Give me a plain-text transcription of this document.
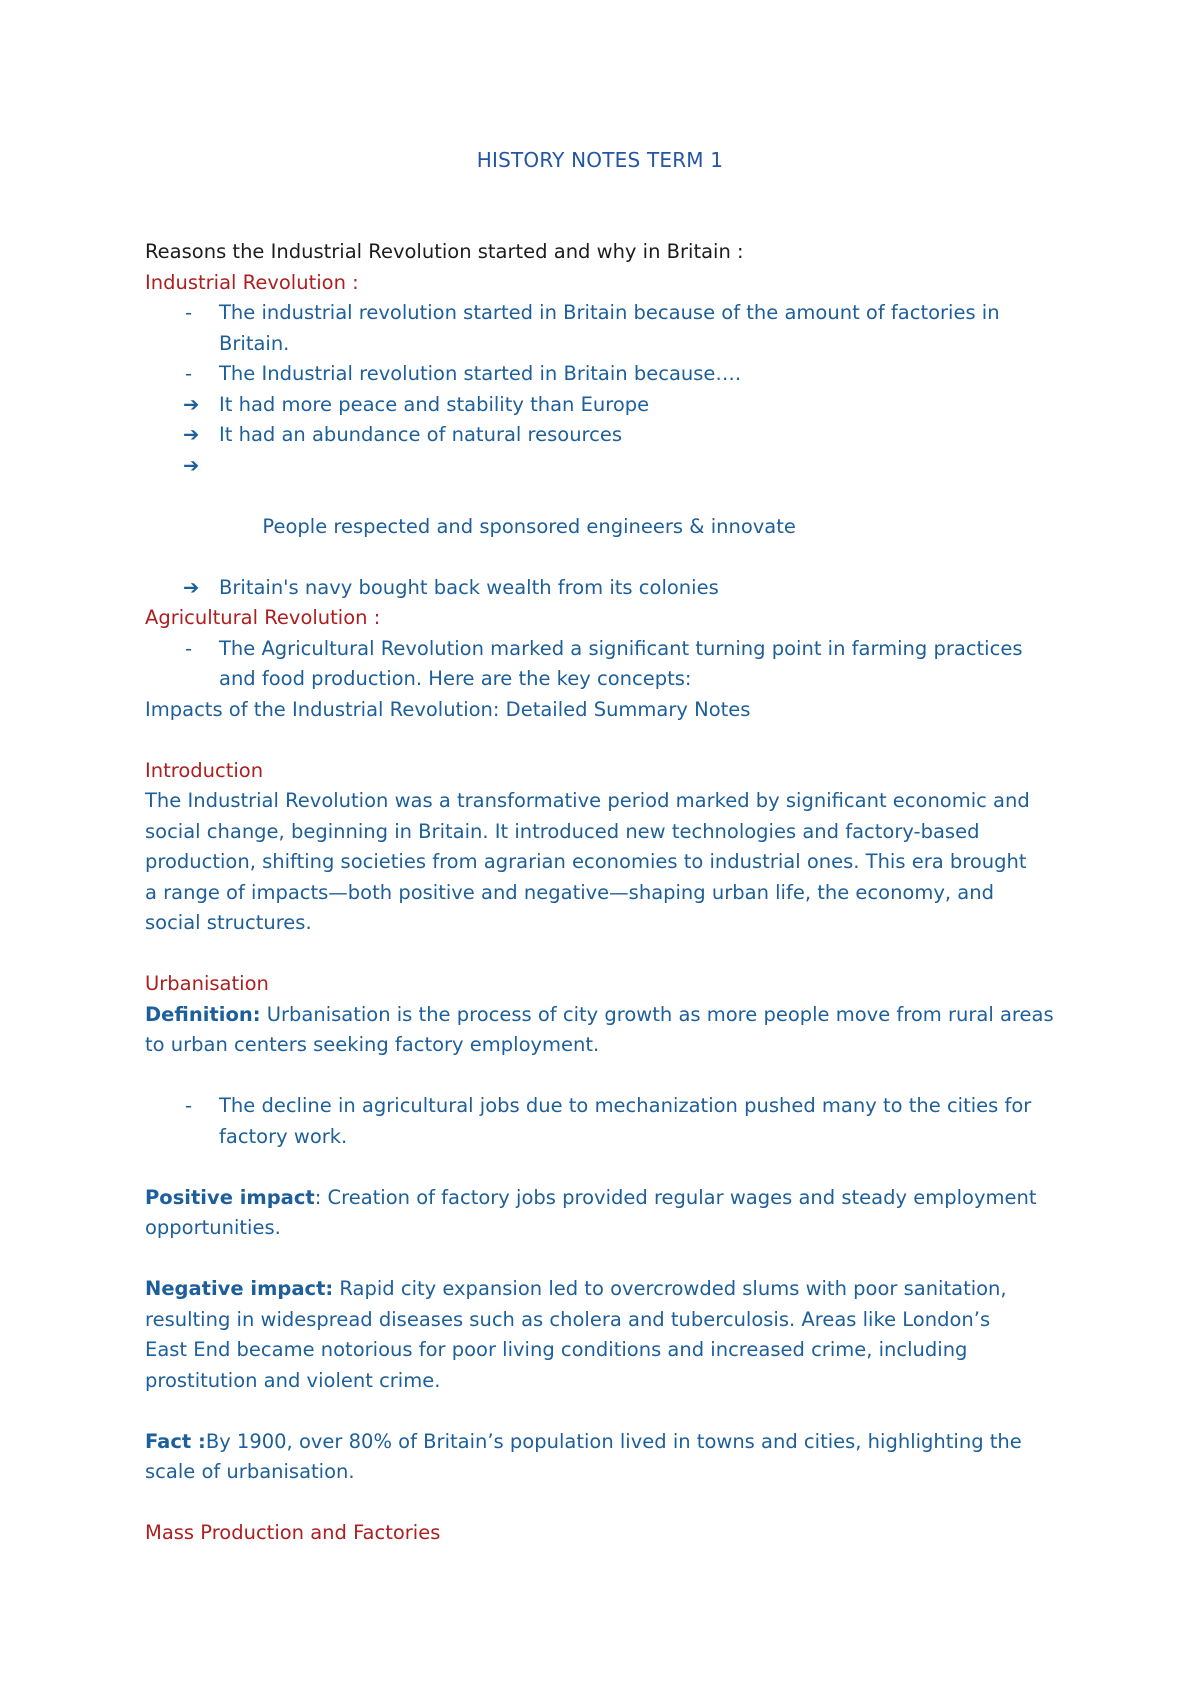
HISTORY NOTES TERM 1

Reasons the Industrial Revolution started and why in Britain :

Industrial Revolution :

-	The industrial revolution started in Britain because of the amount of factories in
Britain.
-	The Industrial revolution started in Britain because….
➔ It had more peace and stability than Europe
➔ It had an abundance of natural resources

➔

People respected and sponsored engineers & innovate

➔ Britain's navy bought back wealth from its colonies

Agricultural Revolution :

-	The Agricultural Revolution marked a significant turning point in farming practices
and food production. Here are the key concepts:

Impacts of the Industrial Revolution: Detailed Summary Notes

Introduction

The Industrial Revolution was a transformative period marked by significant economic and

social change, beginning in Britain. It introduced new technologies and factory-based

production, shifting societies from agrarian economies to industrial ones. This era brought

a range of impacts—both positive and negative—shaping urban life, the economy, and

social structures.

Urbanisation

Definition: Urbanisation is the process of city growth as more people move from rural areas

to urban centers seeking factory employment.

-	The decline in agricultural jobs due to mechanization pushed many to the cities for
factory work.

Positive impact: Creation of factory jobs provided regular wages and steady employment

opportunities.

Negative impact: Rapid city expansion led to overcrowded slums with poor sanitation,

resulting in widespread diseases such as cholera and tuberculosis. Areas like London’s

East End became notorious for poor living conditions and increased crime, including

prostitution and violent crime.

Fact :By 1900, over 80% of Britain’s population lived in towns and cities, highlighting the

scale of urbanisation.

Mass Production and Factories
